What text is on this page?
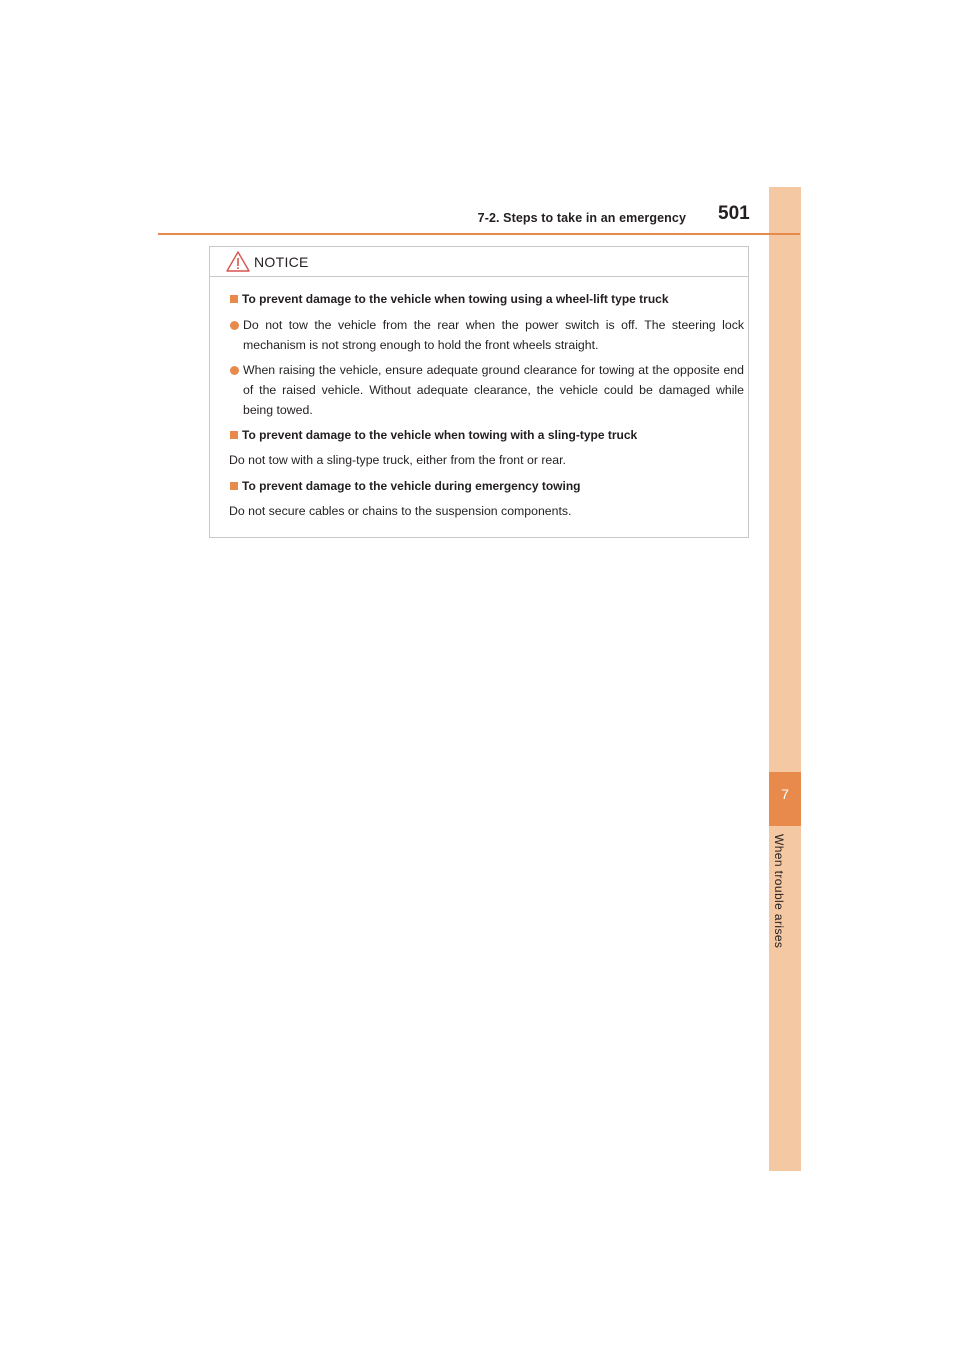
7
When trouble arises
7-2. Steps to take in an emergency 501
NOTICE
To prevent damage to the vehicle when towing using a wheel-lift type truck
Do not tow the vehicle from the rear when the power switch is off. The steering lock mechanism is not strong enough to hold the front wheels straight.
When raising the vehicle, ensure adequate ground clearance for towing at the opposite end of the raised vehicle. Without adequate clearance, the vehicle could be damaged while being towed.
To prevent damage to the vehicle when towing with a sling-type truck
Do not tow with a sling-type truck, either from the front or rear.
To prevent damage to the vehicle during emergency towing
Do not secure cables or chains to the suspension components.
